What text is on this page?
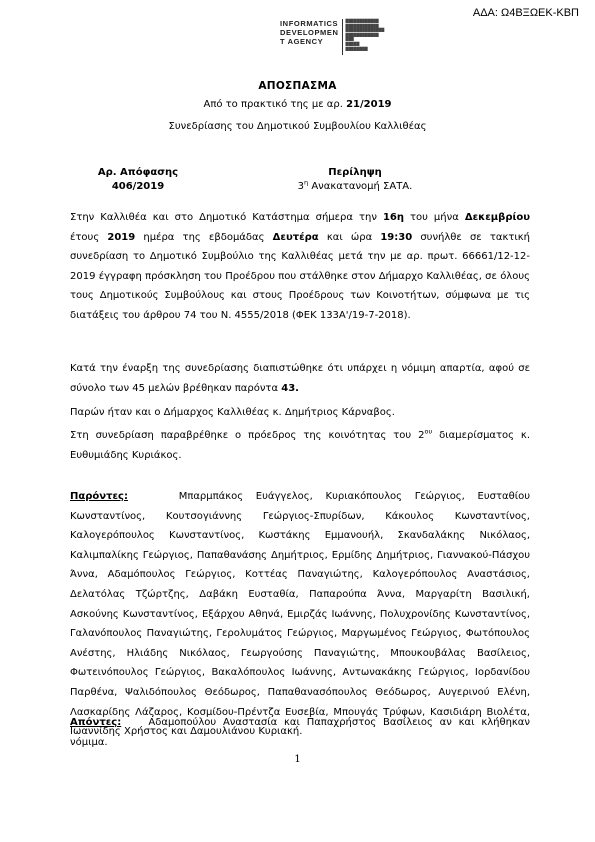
ΑΔΑ: Ω4ΒΞΩΕΚ-ΚΒΠ
INFORMATICS
DEVELOPMEN
T AGENCY
████████████
████████████
██████████████
████████████
███
█████
████████
ΑΠΟΣΠΑΣΜΑ
Από το πρακτικό της με αρ. 21/2019
Συνεδρίασης του Δημοτικού Συμβουλίου Καλλιθέας
Αρ. Απόφασης
406/2019
Περίληψη
$3^\eta$ Ανακατανομή ΣΑΤΑ.
Στην Καλλιθέα και στο Δημοτικό Κατάστημα σήμερα την 16η του μήνα Δεκεμβρίου έτους 2019 ημέρα της εβδομάδας Δευτέρα και ώρα 19:30 συνήλθε σε τακτική συνεδρίαση το Δημοτικό Συμβούλιο της Καλλιθέας μετά την με αρ. πρωτ. 66661/12-12-2019 έγγραφη πρόσκληση του Προέδρου που στάλθηκε στον Δήμαρχο Καλλιθέας, σε όλους τους Δημοτικούς Συμβούλους και στους Προέδρους των Κοινοτήτων, σύμφωνα με τις διατάξεις του άρθρου 74 του Ν. 4555/2018 (ΦΕΚ 133Α'/19-7-2018).
Κατά την έναρξη της συνεδρίασης διαπιστώθηκε ότι υπάρχει η νόμιμη απαρτία, αφού σε σύνολο των 45 μελών βρέθηκαν παρόντα 43.
Παρών ήταν και ο Δήμαρχος Καλλιθέας κ. Δημήτριος Κάρναβος.
Στη συνεδρίαση παραβρέθηκε ο πρόεδρος της κοινότητας του $2^{o\upsilon}$ διαμερίσματος κ. Ευθυμιάδης Κυριάκος.
Παρόντες:	Μπαρμπάκος Ευάγγελος, Κυριακόπουλος Γεώργιος, Ευσταθίου Κωνσταντίνος, Κουτσογιάννης Γεώργιος-Σπυρίδων, Κάκουλος Κωνσταντίνος, Καλογερόπουλος Κωνσταντίνος, Κωστάκης Εμμανουήλ, Σκανδαλάκης Νικόλαος, Καλιμπαλίκης Γεώργιος, Παπαθανάσης Δημήτριος, Ερμίδης Δημήτριος, Γιαννακού-Πάσχου Άννα, Αδαμόπουλος Γεώργιος, Κοττέας Παναγιώτης, Καλογερόπουλος Αναστάσιος, Δελατόλας Τζώρτζης, Δαβάκη Ευσταθία, Παπαρούπα Άννα, Μαργαρίτη Βασιλική, Ασκούνης Κωνσταντίνος, Εξάρχου Αθηνά, Εμιρζάς Ιωάννης, Πολυχρονίδης Κωνσταντίνος, Γαλανόπουλος Παναγιώτης, Γερολυμάτος Γεώργιος, Μαργωμένος Γεώργιος, Φωτόπουλος Ανέστης, Ηλιάδης Νικόλαος, Γεωργούσης Παναγιώτης, Μπουκουβάλας Βασίλειος, Φωτεινόπουλος Γεώργιος, Βακαλόπουλος Ιωάννης, Αντωνακάκης Γεώργιος, Ιορδανίδου Παρθένα, Ψαλιδόπουλος Θεόδωρος, Παπαθανασόπουλος Θεόδωρος, Αυγερινού Ελένη, Λασκαρίδης Λάζαρος, Κοσμίδου-Πρέντζα Ευσεβία, Μπουγάς Τρύφων, Κασιδιάρη Βιολέτα, Ιωαννίδης Χρήστος και Δαμουλιάνου Κυριακή.
Απόντες:	Αδαμοπούλου Αναστασία και Παπαχρήστος Βασίλειος αν και κλήθηκαν νόμιμα.
1
